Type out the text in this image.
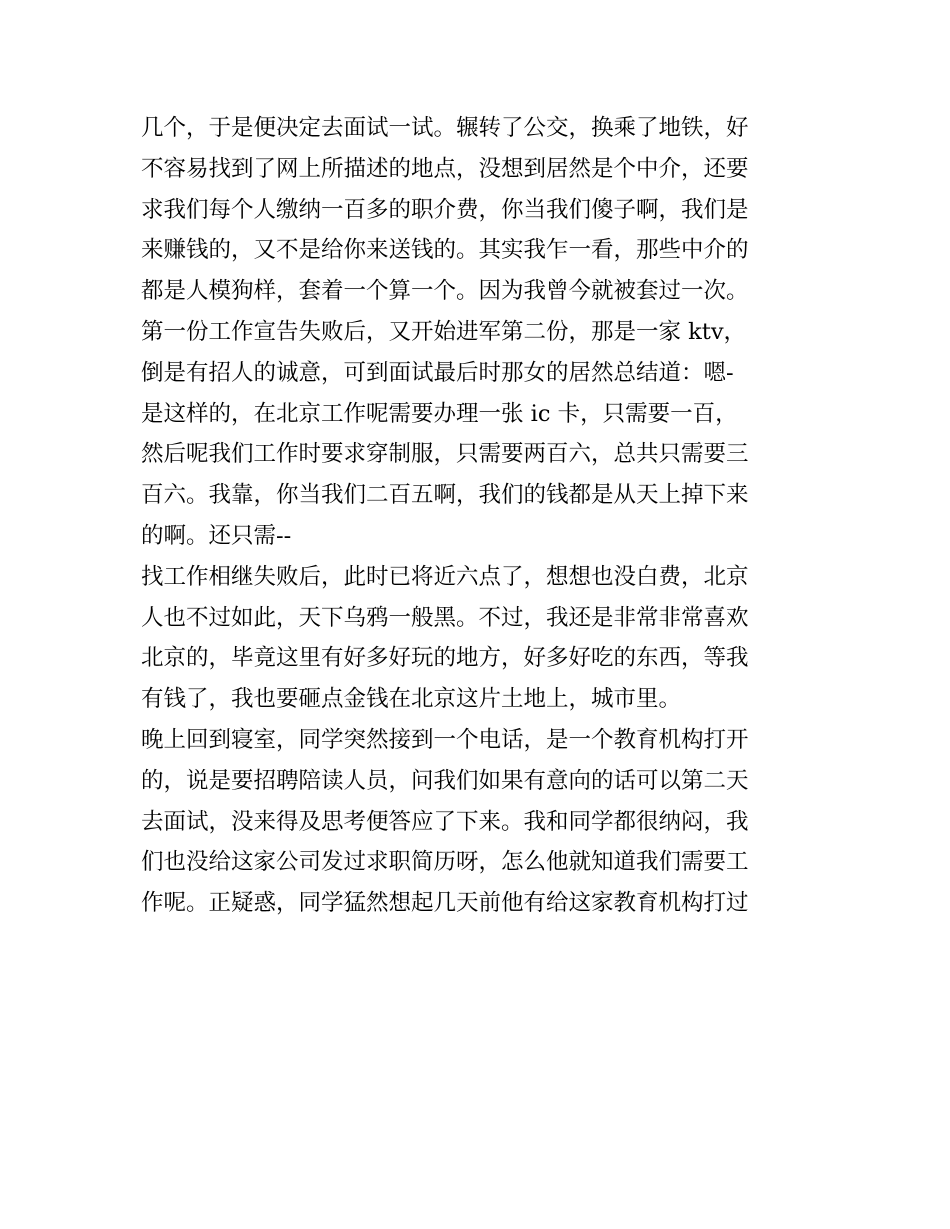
几个，于是便决定去面试一试。辗转了公交，换乘了地铁，好
不容易找到了网上所描述的地点，没想到居然是个中介，还要
求我们每个人缴纳一百多的职介费，你当我们傻子啊，我们是
来赚钱的，又不是给你来送钱的。其实我乍一看，那些中介的
都是人模狗样，套着一个算一个。因为我曾今就被套过一次。
第一份工作宣告失败后，又开始进军第二份，那是一家 ktv，
倒是有招人的诚意，可到面试最后时那女的居然总结道：嗯-
是这样的，在北京工作呢需要办理一张 ic 卡，只需要一百，
然后呢我们工作时要求穿制服，只需要两百六，总共只需要三
百六。我靠，你当我们二百五啊，我们的钱都是从天上掉下来
的啊。还只需--
找工作相继失败后，此时已将近六点了，想想也没白费，北京
人也不过如此，天下乌鸦一般黑。不过，我还是非常非常喜欢
北京的，毕竟这里有好多好玩的地方，好多好吃的东西，等我
有钱了，我也要砸点金钱在北京这片土地上，城市里。
晚上回到寝室，同学突然接到一个电话，是一个教育机构打开
的，说是要招聘陪读人员，问我们如果有意向的话可以第二天
去面试，没来得及思考便答应了下来。我和同学都很纳闷，我
们也没给这家公司发过求职简历呀，怎么他就知道我们需要工
作呢。正疑惑，同学猛然想起几天前他有给这家教育机构打过
